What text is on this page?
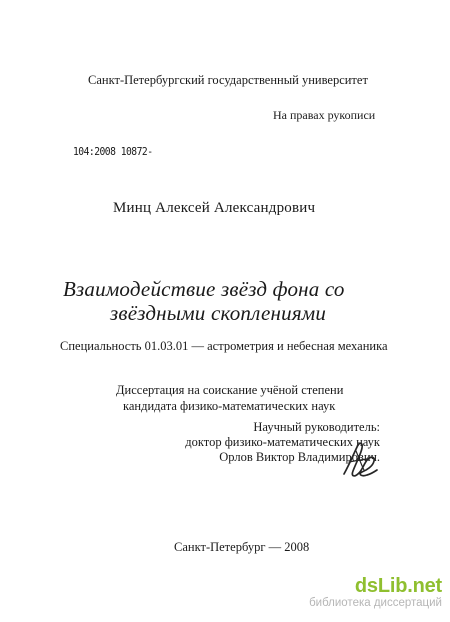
Санкт-Петербургский государственный университет
На правах рукописи
104:2008 10872-
Минц Алексей Александрович
Взаимодействие звёзд фона со
звёздными скоплениями
Специальность 01.03.01 — астрометрия и небесная механика
Диссертация на соискание учёной степени
кандидата физико-математических наук
Научный руководитель:
доктор физико-математических наук
Орлов Виктор Владимирович.
Санкт-Петербург — 2008
dsLib.net
библиотека диссертаций
